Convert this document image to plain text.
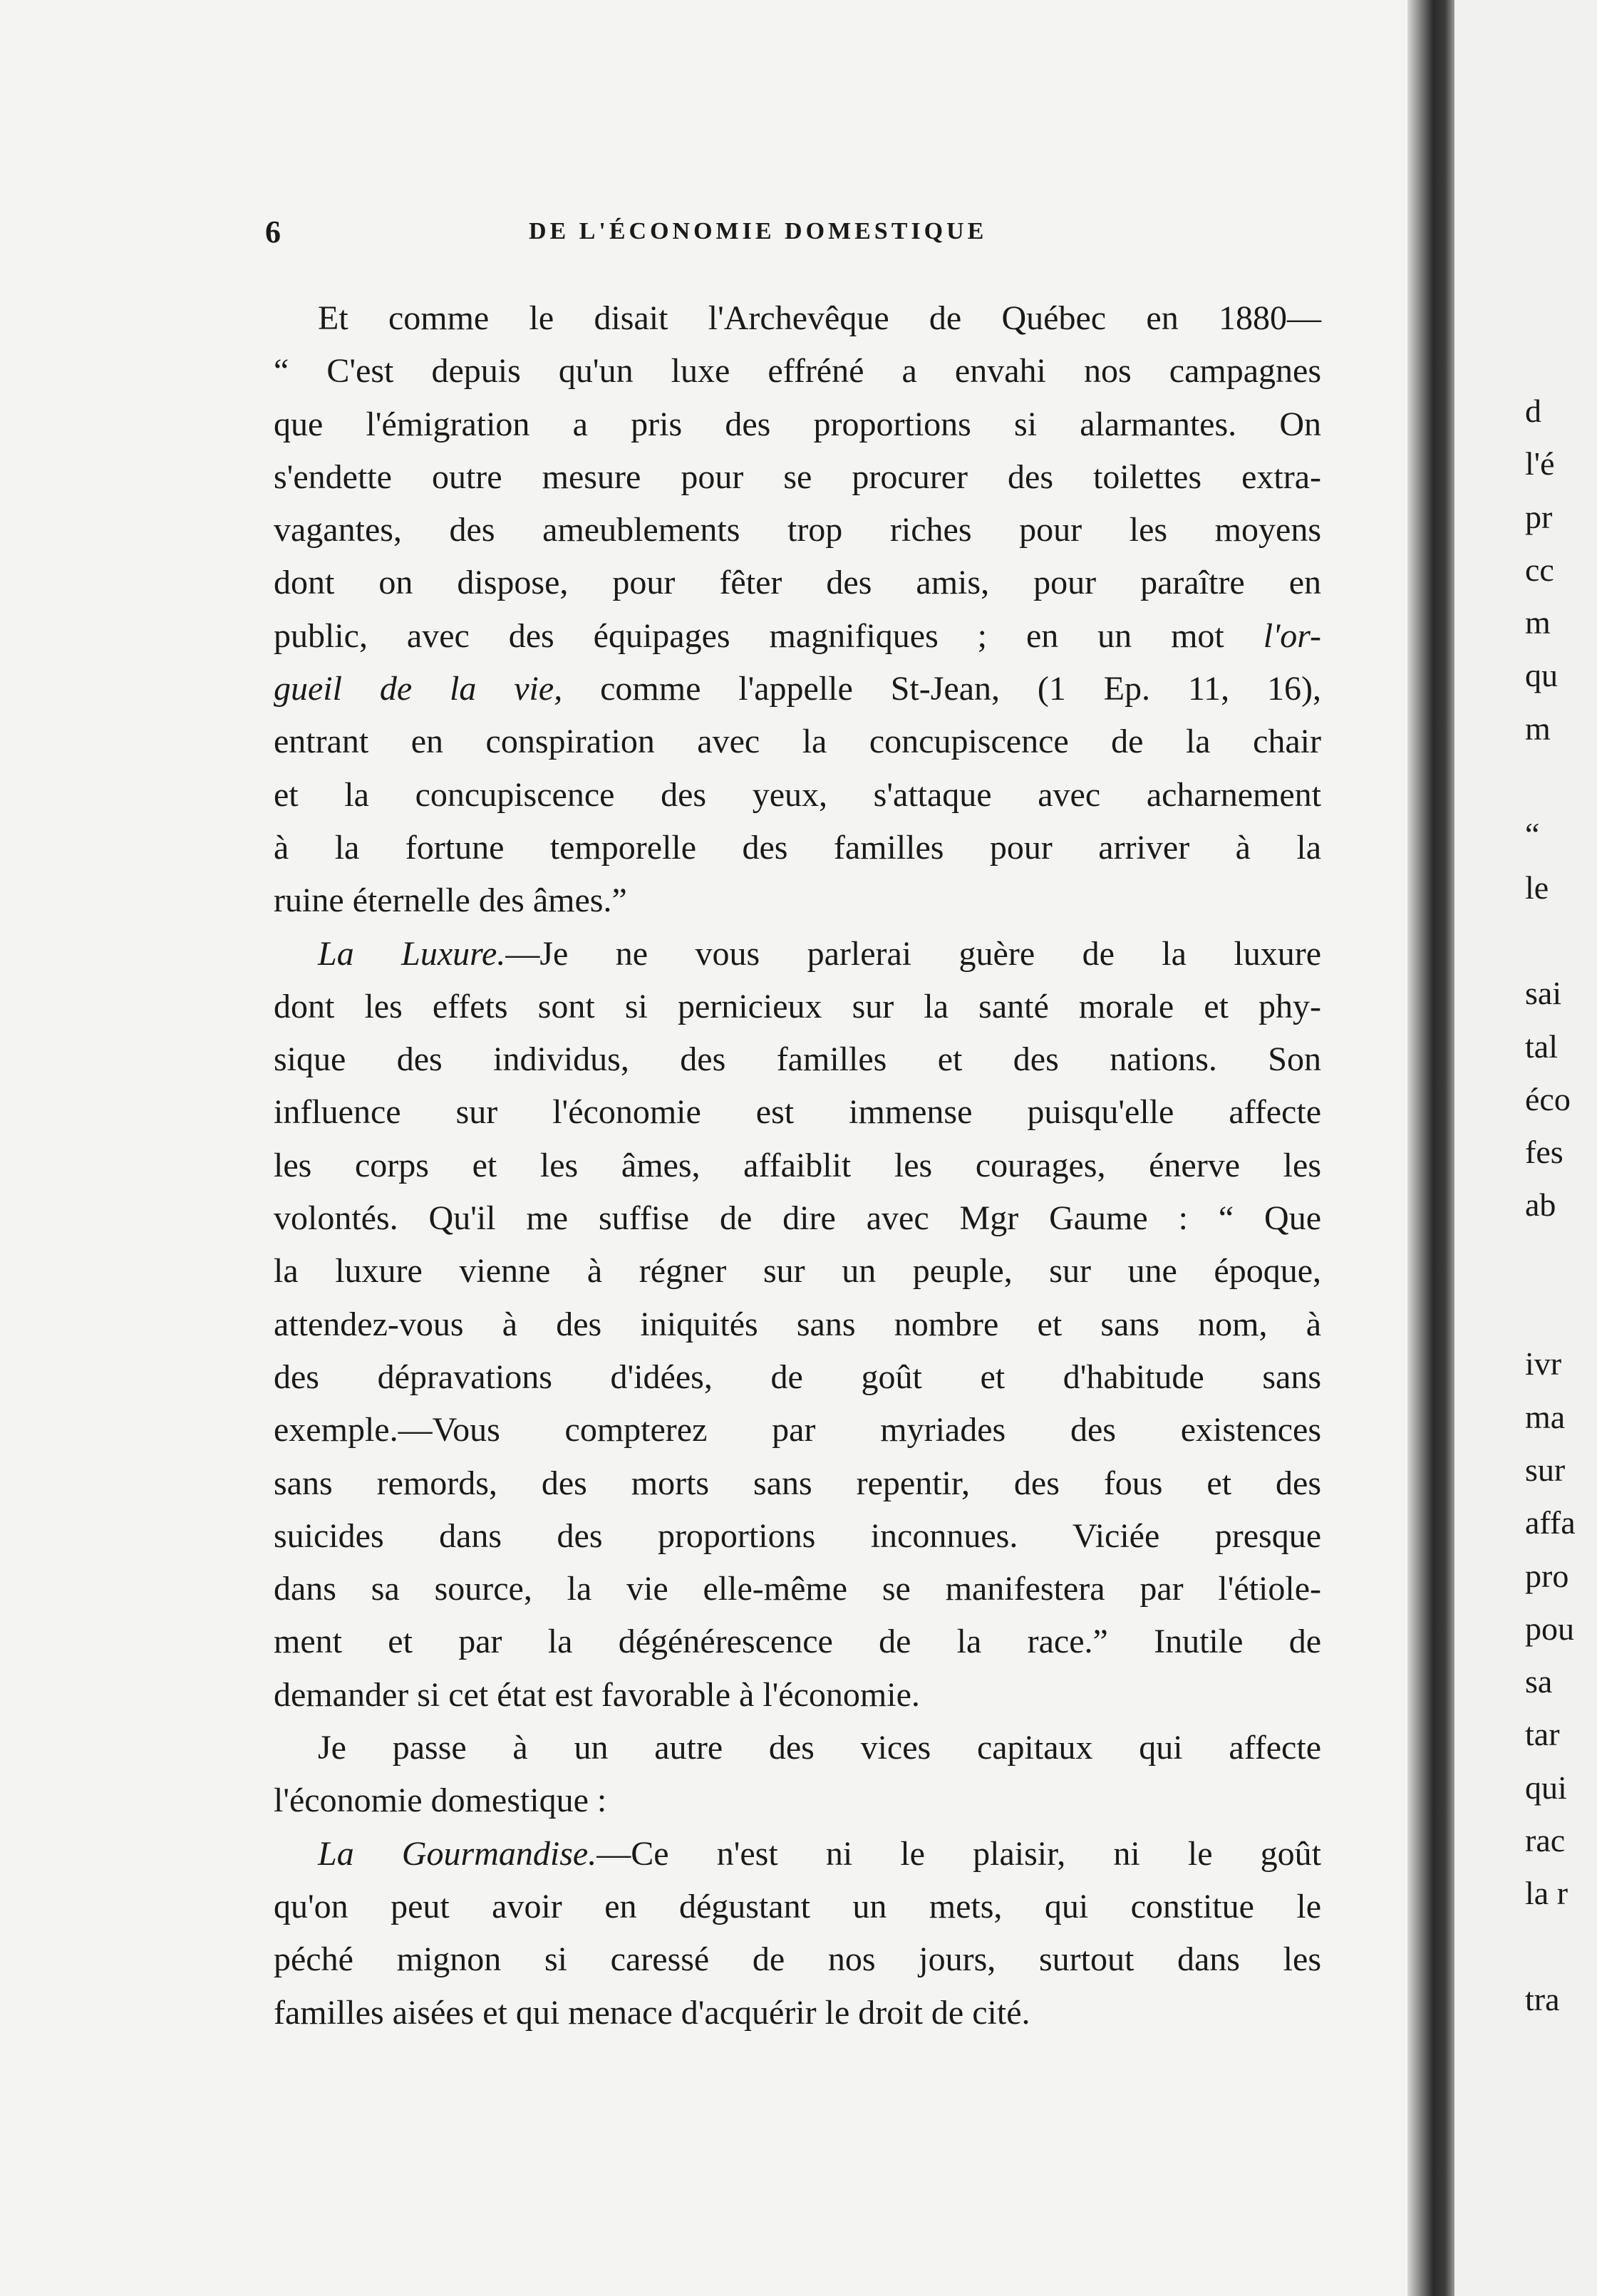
6	DE L'ÉCONOMIE DOMESTIQUE
Et comme le disait l'Archevêque de Québec en 1880—
“ C'est depuis qu'un luxe effréné a envahi nos campagnes
que l'émigration a pris des proportions si alarmantes. On
s'endette outre mesure pour se procurer des toilettes extra-
vagantes, des ameublements trop riches pour les moyens
dont on dispose, pour fêter des amis, pour paraître en
public, avec des équipages magnifiques ; en un mot l'or-
gueil de la vie, comme l'appelle St-Jean, (1 Ep. 11, 16),
entrant en conspiration avec la concupiscence de la chair
et la concupiscence des yeux, s'attaque avec acharnement
à la fortune temporelle des familles pour arriver à la
ruine éternelle des âmes.”
La Luxure.—Je ne vous parlerai guère de la luxure
dont les effets sont si pernicieux sur la santé morale et phy-
sique des individus, des familles et des nations. Son
influence sur l'économie est immense puisqu'elle affecte
les corps et les âmes, affaiblit les courages, énerve les
volontés. Qu'il me suffise de dire avec Mgr Gaume : “ Que
la luxure vienne à régner sur un peuple, sur une époque,
attendez-vous à des iniquités sans nombre et sans nom, à
des dépravations d'idées, de goût et d'habitude sans
exemple.—Vous compterez par myriades des existences
sans remords, des morts sans repentir, des fous et des
suicides dans des proportions inconnues. Viciée presque
dans sa source, la vie elle-même se manifestera par l'étiole-
ment et par la dégénérescence de la race.” Inutile de
demander si cet état est favorable à l'économie.
Je passe à un autre des vices capitaux qui affecte
l'économie domestique :
La Gourmandise.—Ce n'est ni le plaisir, ni le goût
qu'on peut avoir en dégustant un mets, qui constitue le
péché mignon si caressé de nos jours, surtout dans les
familles aisées et qui menace d'acquérir le droit de cité.
d
l'é
pr
cc
m
qu
m
“
le
sai
tal
éco
fes
ab
ivr
ma
sur
affa
pro
pou
sa
tar
qui
rac
la r
tra
